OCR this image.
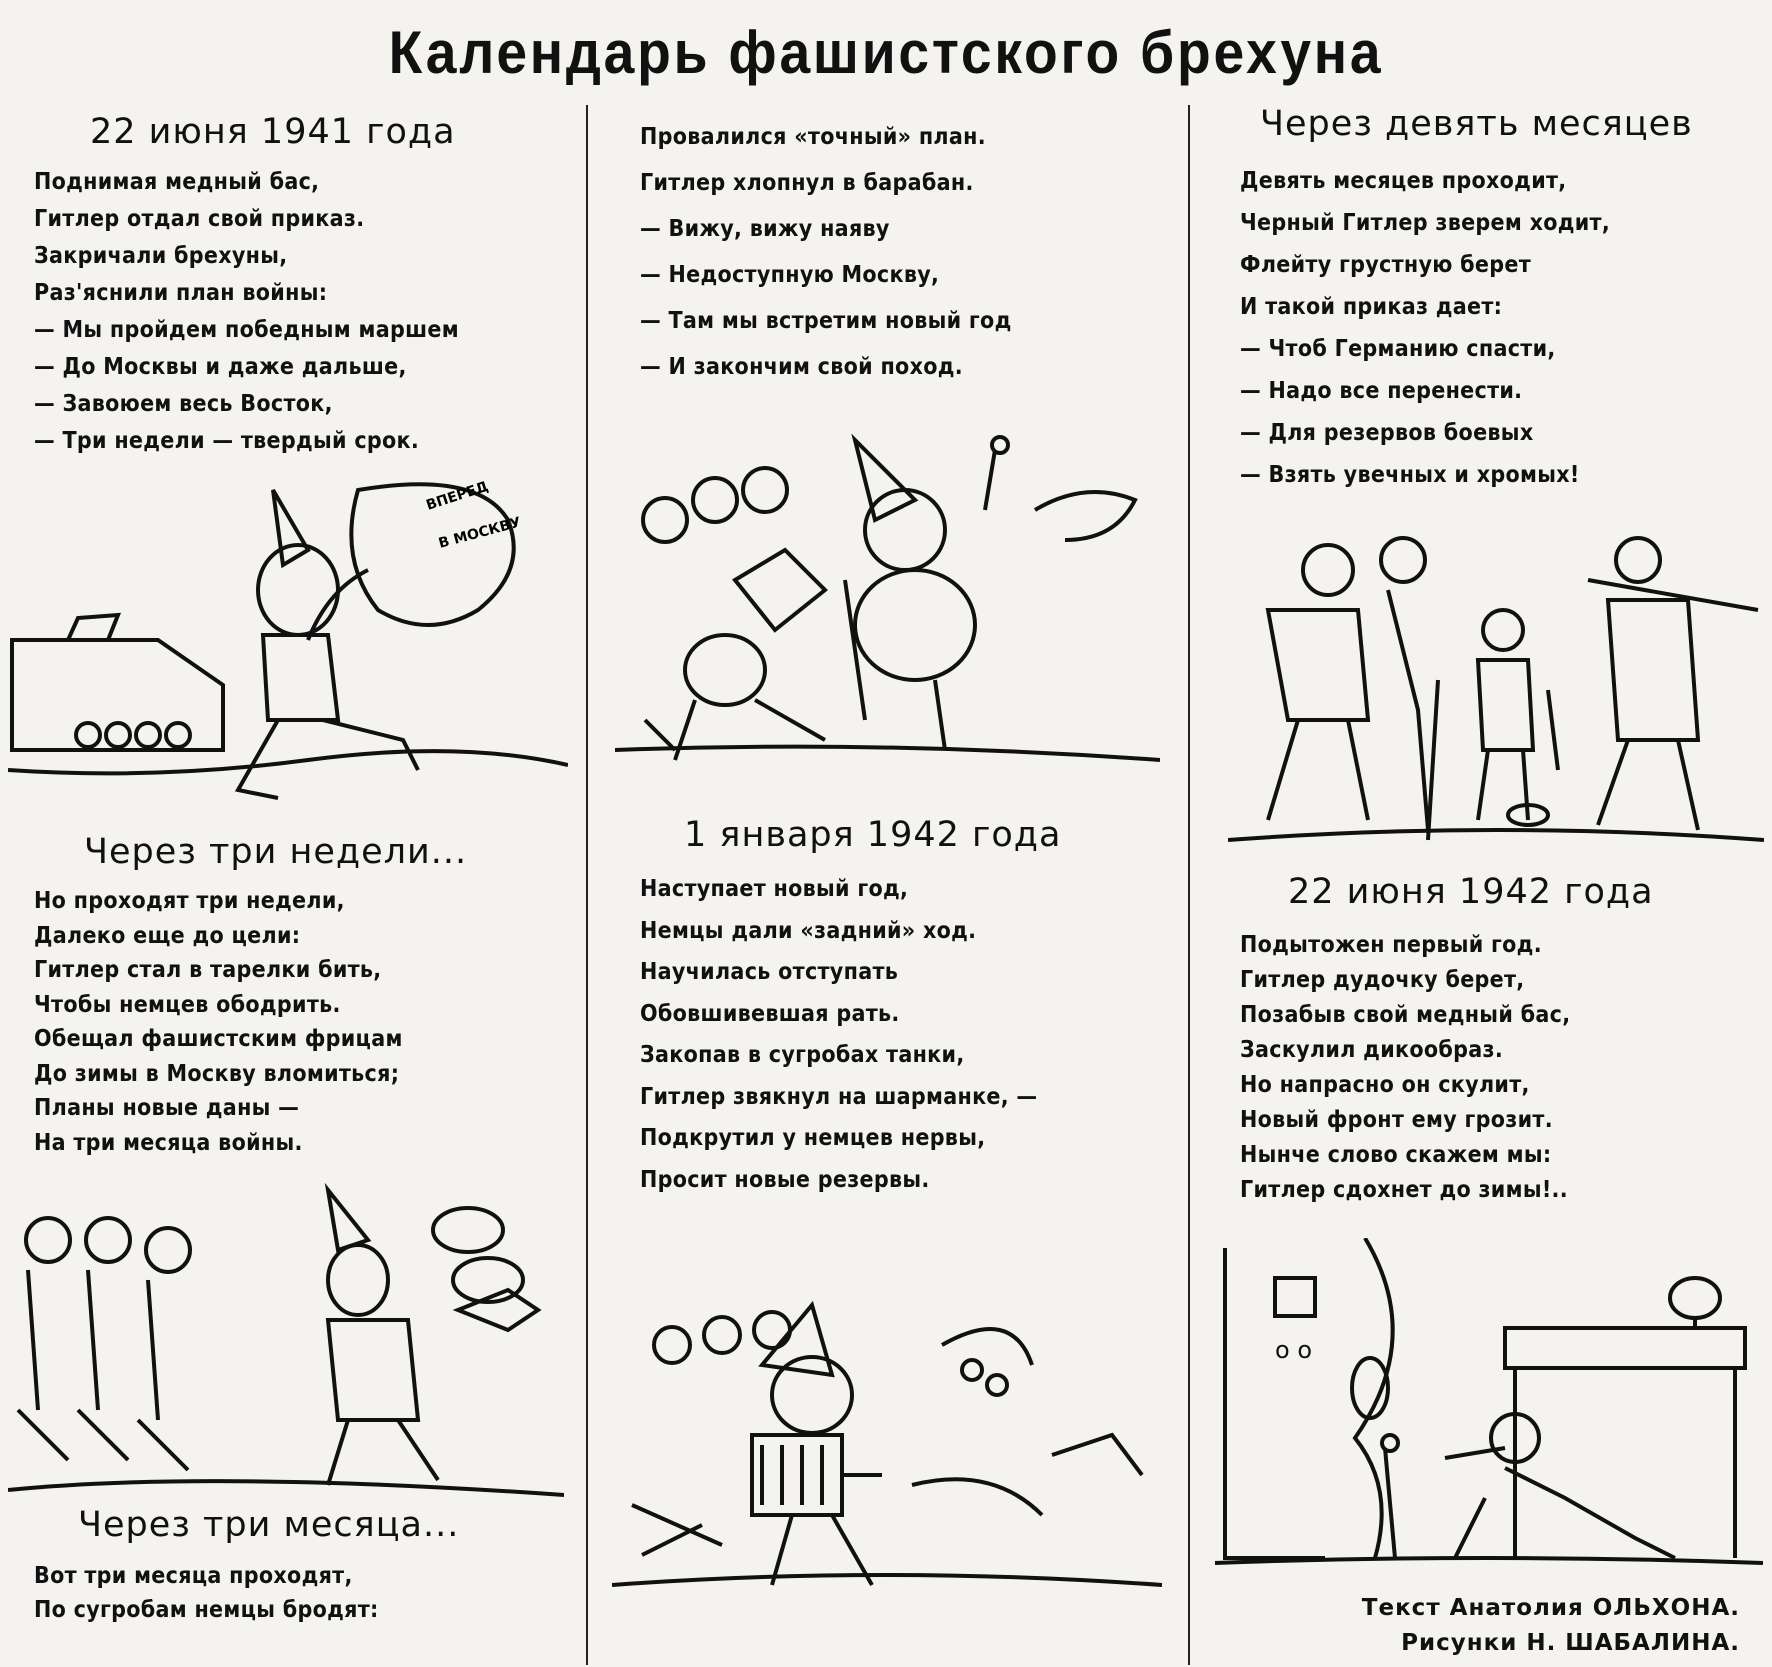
Календарь фашистского брехуна
22 июня 1941 года
Поднимая медный бас,
Гитлер отдал свой приказ.
Закричали брехуны,
Раз'яснили план войны:
— Мы пройдем победным маршем
— До Москвы и даже дальше,
— Завоюем весь Восток,
— Три недели — твердый срок.
ВПЕРЕД
В МОСКВУ
Через три недели...
Но проходят три недели,
Далеко еще до цели:
Гитлер стал в тарелки бить,
Чтобы немцев ободрить.
Обещал фашистским фрицам
До зимы в Москву вломиться;
Планы новые даны —
На три месяца войны.
Через три месяца...
Вот три месяца проходят,
По сугробам немцы бродят:
Провалился «точный» план.
Гитлер хлопнул в барабан.
— Вижу, вижу наяву
— Недоступную Москву,
— Там мы встретим новый год
— И закончим свой поход.
1 января 1942 года
Наступает новый год,
Немцы дали «задний» ход.
Научилась отступать
Обовшивевшая рать.
Закопав в сугробах танки,
Гитлер звякнул на шарманке, —
Подкрутил у немцев нервы,
Просит новые резервы.
Через девять месяцев
Девять месяцев проходит,
Черный Гитлер зверем ходит,
Флейту грустную берет
И такой приказ дает:
— Чтоб Германию спасти,
— Надо все перенести.
— Для резервов боевых
— Взять увечных и хромых!
22 июня 1942 года
Подытожен первый год.
Гитлер дудочку берет,
Позабыв свой медный бас,
Заскулил дикообраз.
Но напрасно он скулит,
Новый фронт ему грозит.
Нынче слово скажем мы:
Гитлер сдохнет до зимы!..
о о
Текст Анатолия ОЛЬХОНА.
Рисунки Н. ШАБАЛИНА.
